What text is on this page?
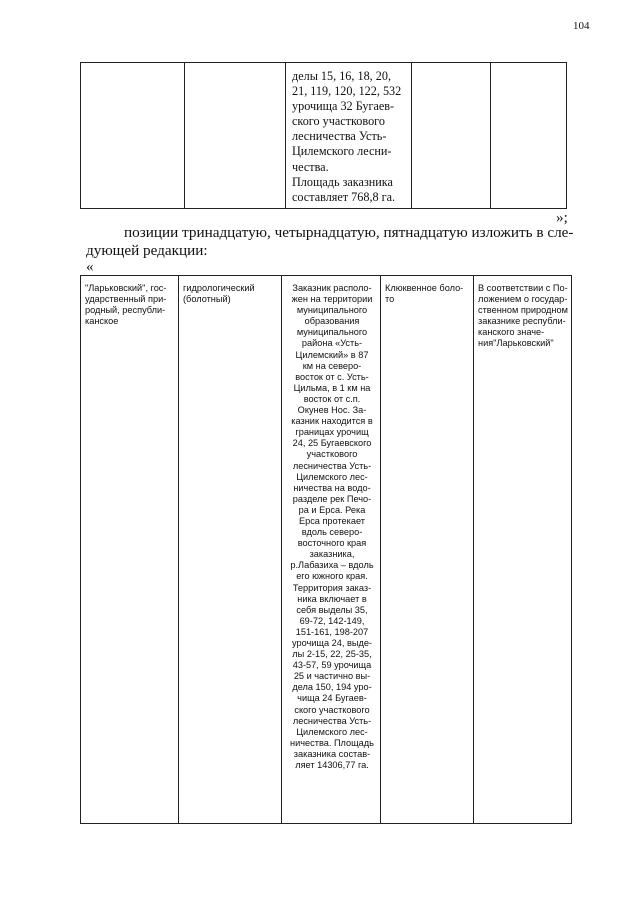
104
делы 15, 16, 18, 20,
21, 119, 120, 122, 532
урочища 32 Бугаев-
ского участкового
лесничества Усть-
Цилемского лесни-
чества.
Площадь заказника
составляет 768,8 га.
»;
позиции тринадцатую, четырнадцатую, пятнадцатую изложить в сле-
дующей редакции:
«
"Ларьковский", гос-
ударственный при-
родный, республи-
канское
гидрологический
(болотный)
Заказник располо-
жен на территории
муниципального
образования
муниципального
района «Усть-
Цилемский» в 87
км на северо-
восток от с. Усть-
Цильма, в 1 км на
восток от с.п.
Окунев Нос. За-
казник находится в
границах урочищ
24, 25 Бугаевского
участкового
лесничества Усть-
Цилемского лес-
ничества на водо-
разделе рек Печо-
ра и Ерса. Река
Ерса протекает
вдоль северо-
восточного края
заказника,
р.Лабазиха – вдоль
его южного края.
Территория заказ-
ника включает в
себя выделы 35,
69-72, 142-149,
151-161, 198-207
урочища 24, выде-
лы 2-15, 22, 25-35,
43-57, 59 урочища
25 и частично вы-
дела 150, 194 уро-
чища 24 Бугаев-
ского участкового
лесничества Усть-
Цилемского лес-
ничества. Площадь
заказника состав-
ляет 14306,77 га.
Клюквенное боло-
то
В соответствии с По-
ложением о государ-
ственном природном
заказнике республи-
канского значе-
ния"Ларьковский"
